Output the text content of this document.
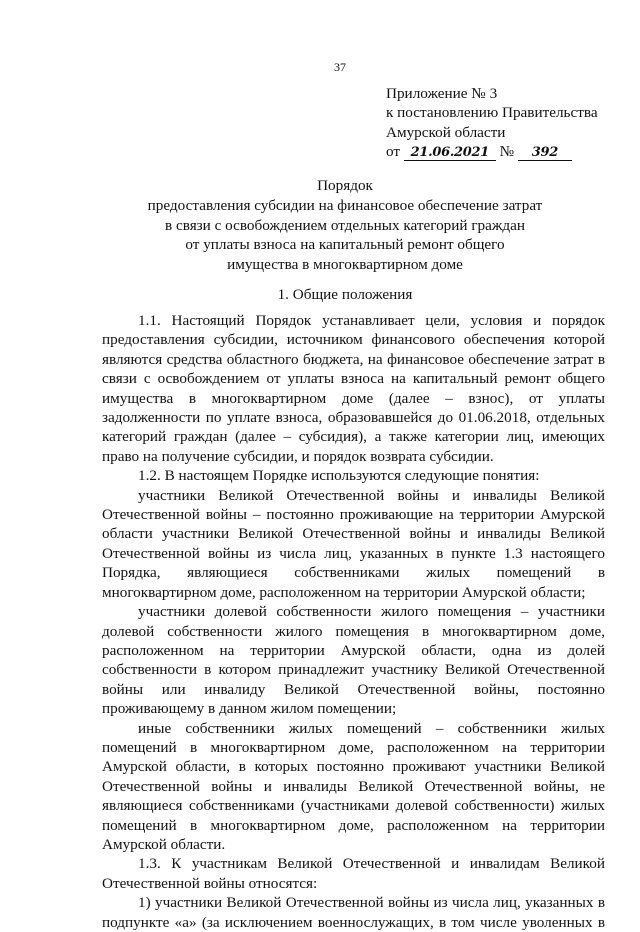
37
Приложение № 3
к постановлению Правительства
Амурской области
от 21.06.2021 № 392
Порядок
предоставления субсидии на финансовое обеспечение затрат
в связи с освобождением отдельных категорий граждан
от уплаты взноса на капитальный ремонт общего
имущества в многоквартирном доме
1. Общие положения

1.1. Настоящий Порядок устанавливает цели, условия и порядок предоставления субсидии, источником финансового обеспечения которой являются средства областного бюджета, на финансовое обеспечение затрат в связи с освобождением от уплаты взноса на капитальный ремонт общего имущества в многоквартирном доме (далее – взнос), от уплаты задолженности по уплате взноса, образовавшейся до 01.06.2018, отдельных категорий граждан (далее – субсидия), а также категории лиц, имеющих право на получение субсидии, и порядок возврата субсидии.

1.2. В настоящем Порядке используются следующие понятия:

участники Великой Отечественной войны и инвалиды Великой Отечественной войны – постоянно проживающие на территории Амурской области участники Великой Отечественной войны и инвалиды Великой Отечественной войны из числа лиц, указанных в пункте 1.3 настоящего Порядка, являющиеся собственниками жилых помещений в многоквартирном доме, расположенном на территории Амурской области;

участники долевой собственности жилого помещения – участники долевой собственности жилого помещения в многоквартирном доме, расположенном на территории Амурской области, одна из долей собственности в котором принадлежит участнику Великой Отечественной войны или инвалиду Великой Отечественной войны, постоянно проживающему в данном жилом помещении;

иные собственники жилых помещений – собственники жилых помещений в многоквартирном доме, расположенном на территории Амурской области, в которых постоянно проживают участники Великой Отечественной войны и инвалиды Великой Отечественной войны, не являющиеся собственниками (участниками долевой собственности) жилых помещений в многоквартирном доме, расположенном на территории Амурской области.

1.3. К участникам Великой Отечественной и инвалидам Великой Отечественной войны относятся:

1) участники Великой Отечественной войны из числа лиц, указанных в подпункте «а» (за исключением военнослужащих, в том числе уволенных в
